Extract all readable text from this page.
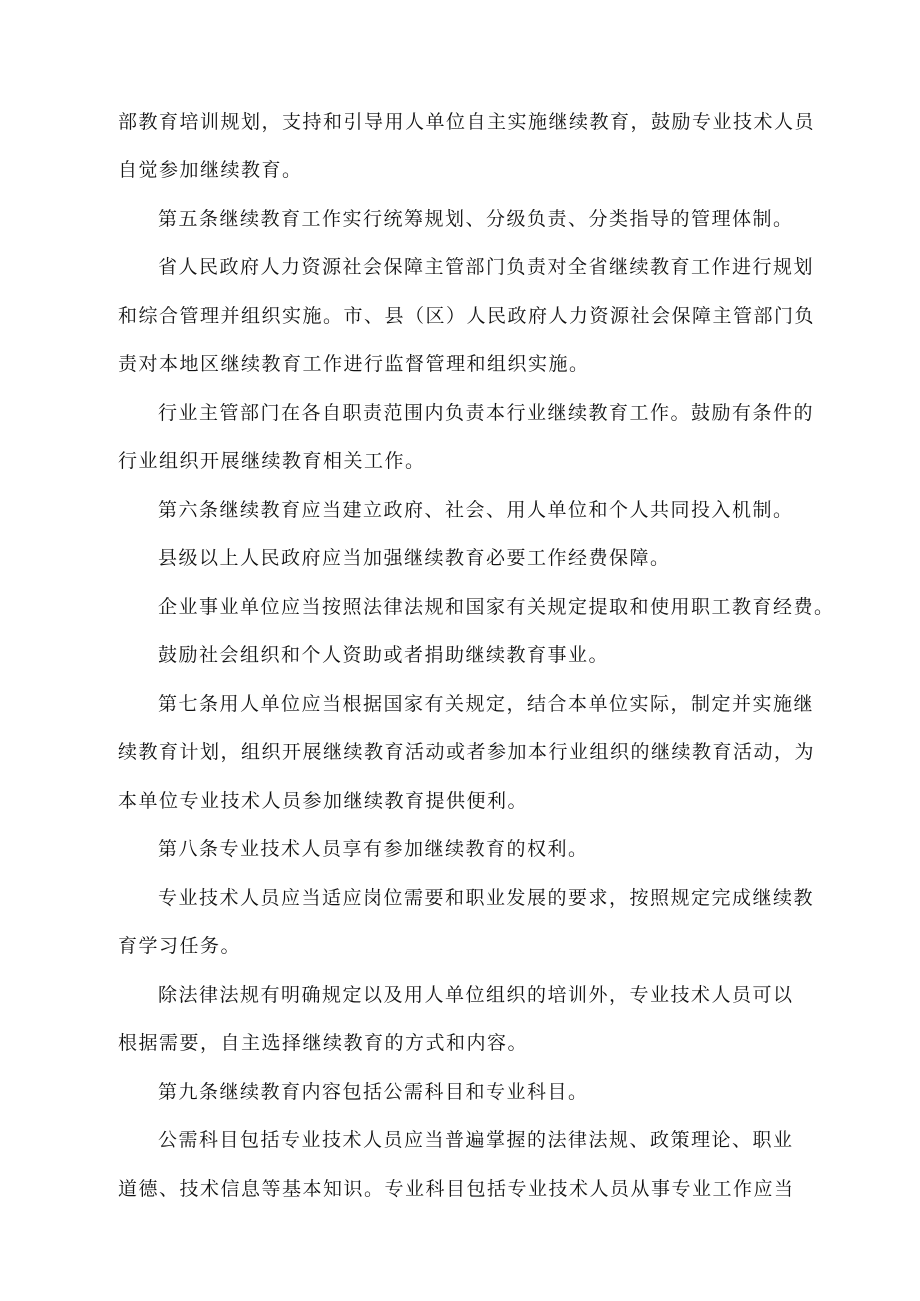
部教育培训规划，支持和引导用人单位自主实施继续教育，鼓励专业技术人员
自觉参加继续教育。
第五条继续教育工作实行统筹规划、分级负责、分类指导的管理体制。
省人民政府人力资源社会保障主管部门负责对全省继续教育工作进行规划
和综合管理并组织实施。市、县（区）人民政府人力资源社会保障主管部门负
责对本地区继续教育工作进行监督管理和组织实施。
行业主管部门在各自职责范围内负责本行业继续教育工作。鼓励有条件的
行业组织开展继续教育相关工作。
第六条继续教育应当建立政府、社会、用人单位和个人共同投入机制。
县级以上人民政府应当加强继续教育必要工作经费保障。
企业事业单位应当按照法律法规和国家有关规定提取和使用职工教育经费。
鼓励社会组织和个人资助或者捐助继续教育事业。
第七条用人单位应当根据国家有关规定，结合本单位实际，制定并实施继
续教育计划，组织开展继续教育活动或者参加本行业组织的继续教育活动，为
本单位专业技术人员参加继续教育提供便利。
第八条专业技术人员享有参加继续教育的权利。
专业技术人员应当适应岗位需要和职业发展的要求，按照规定完成继续教
育学习任务。
除法律法规有明确规定以及用人单位组织的培训外，专业技术人员可以
根据需要，自主选择继续教育的方式和内容。
第九条继续教育内容包括公需科目和专业科目。
公需科目包括专业技术人员应当普遍掌握的法律法规、政策理论、职业
道德、技术信息等基本知识。专业科目包括专业技术人员从事专业工作应当
